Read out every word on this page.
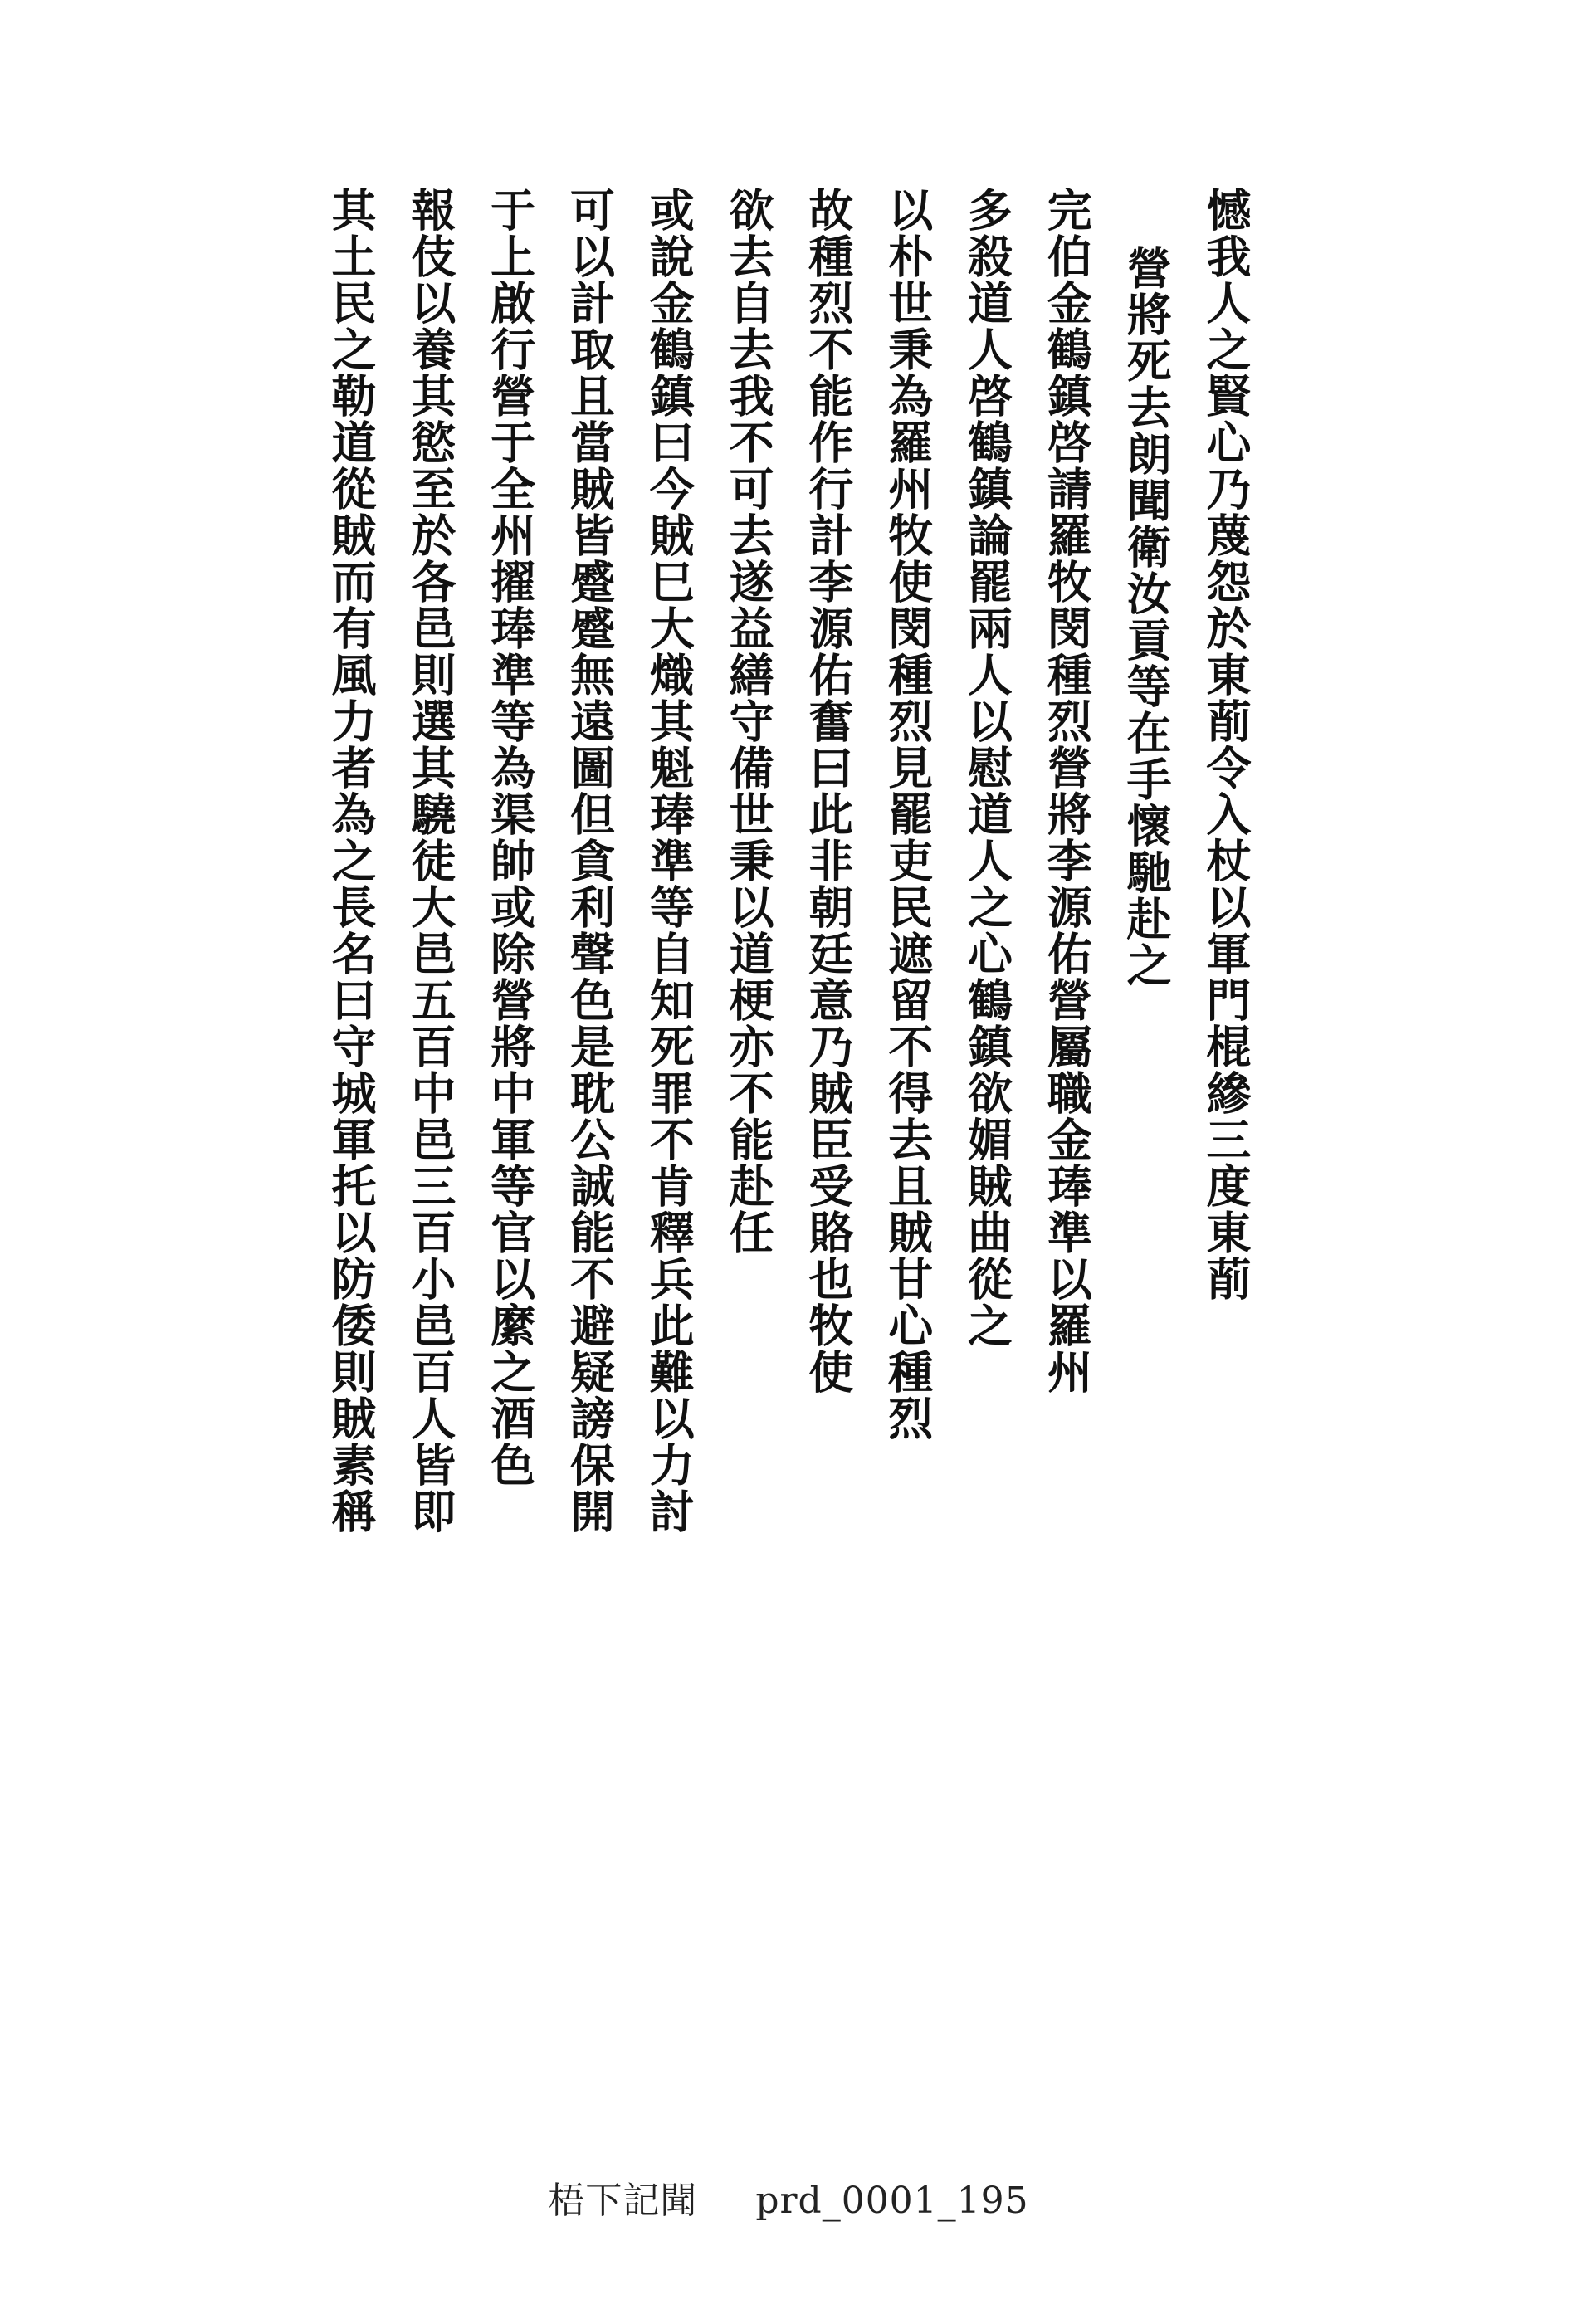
憾我人之賢心乃蔑怨於東萷令入杖以軍門棍縿三度東萷
營將死去朗聞衛汝貢等在手懷馳赴之
完伯金鶴鎮啓請羅牧閔種烈營將李源佑營屬職金琫準以羅州
多殺道人啓鶴鎮論罷兩人以慰道人之心鶴鎮欲媚賊曲從之
以朴世秉為羅州牧使閔種烈見罷吏民遮留不得去且賊甘心種烈
故種烈不能作行計李源佑奮曰此非朝廷意乃賊臣受賂也牧使
欲去自去我不可去遂益繕守備世秉以道梗亦不能赴任
或說金鶴鎮曰今賊巳大熾其魁琫準等自知死罪不肯釋兵此難以力討
可以計取且當賊皆蹙蹙無遠圖但貪利聲色是耽公誠能不避疑謗保開
于上啟行營于全州擢琫準等為渠帥或除營將中軍等官以縻之酒色
報伎以養其慾至於各邑則選其驍徒大邑五百中邑三百小邑百人皆即
其土民之勒道從賊而有風力者為之長名曰守城軍托以防倭則賊素稱
梧下記聞 prd_0001_195
